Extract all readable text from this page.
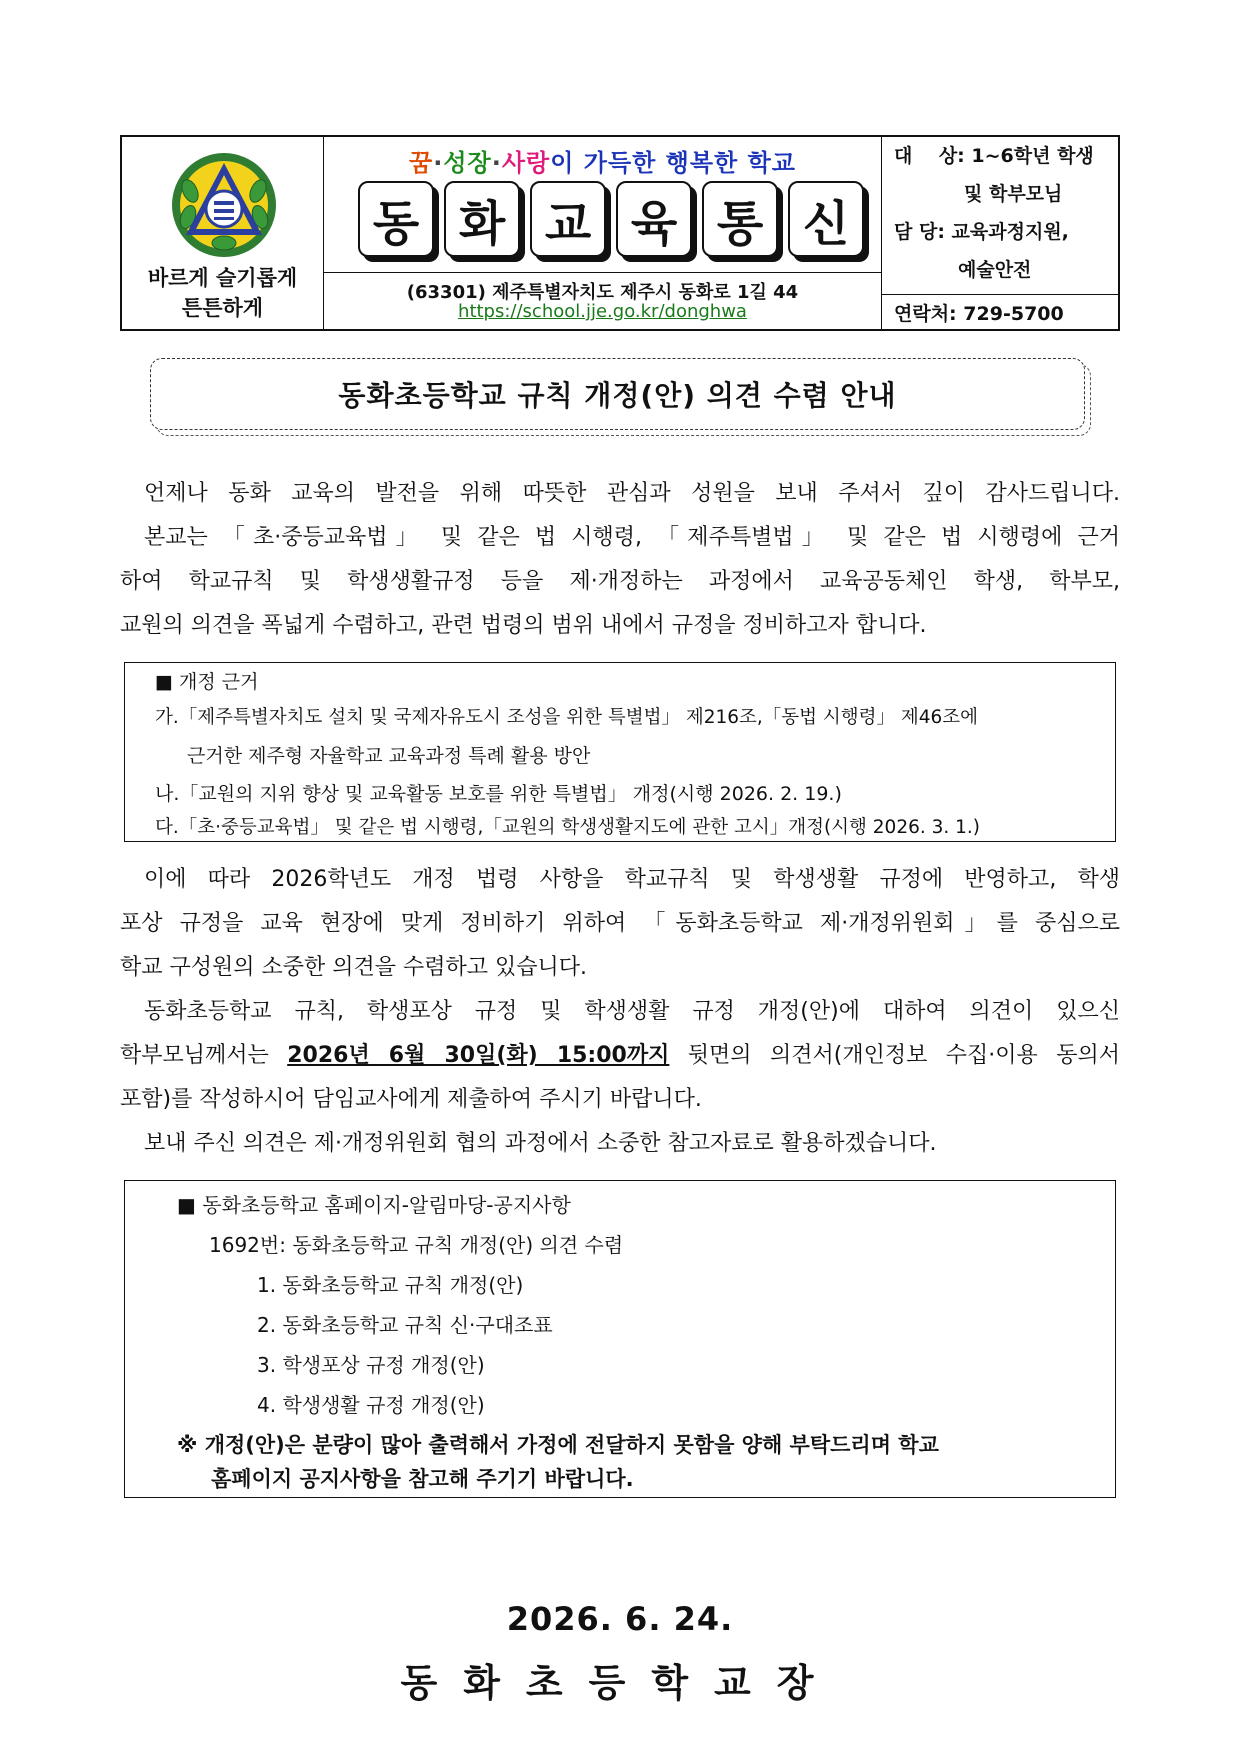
바르게 슬기롭게
튼튼하게
꿈·성장·사랑이 가득한 행복한 학교
동 화 교 육 통 신
(63301) 제주특별자치도 제주시 동화로 1길 44
https://school.jje.go.kr/donghwa
대    상: 1~6학년 학생
및 학부모님
담 당: 교육과정지원,
예술안전
연락처: 729-5700
동화초등학교 규칙 개정(안) 의견 수렴 안내
언제나 동화 교육의 발전을 위해 따뜻한 관심과 성원을 보내 주셔서 깊이 감사드립니다.
본교는 「초·중등교육법」 및 같은 법 시행령, 「제주특별법」 및 같은 법 시행령에 근거
하여 학교규칙 및 학생생활규정 등을 제·개정하는 과정에서 교육공동체인 학생, 학부모,
교원의 의견을 폭넓게 수렴하고, 관련 법령의 범위 내에서 규정을 정비하고자 합니다.
■ 개정 근거
가.「제주특별자치도 설치 및 국제자유도시 조성을 위한 특별법」 제216조,「동법 시행령」 제46조에
근거한 제주형 자율학교 교육과정 특례 활용 방안
나.「교원의 지위 향상 및 교육활동 보호를 위한 특별법」 개정(시행 2026. 2. 19.)
다.「초·중등교육법」 및 같은 법 시행령,「교원의 학생생활지도에 관한 고시」개정(시행 2026. 3. 1.)
이에 따라 2026학년도 개정 법령 사항을 학교규칙 및 학생생활 규정에 반영하고, 학생
포상 규정을 교육 현장에 맞게 정비하기 위하여 「동화초등학교 제·개정위원회」를 중심으로
학교 구성원의 소중한 의견을 수렴하고 있습니다.
동화초등학교 규칙, 학생포상 규정 및 학생생활 규정 개정(안)에 대하여 의견이 있으신
학부모님께서는 2026년 6월 30일(화) 15:00까지 뒷면의 의견서(개인정보 수집·이용 동의서
포함)를 작성하시어 담임교사에게 제출하여 주시기 바랍니다.
보내 주신 의견은 제·개정위원회 협의 과정에서 소중한 참고자료로 활용하겠습니다.
■ 동화초등학교 홈페이지-알림마당-공지사항
1692번: 동화초등학교 규칙 개정(안) 의견 수렴
1. 동화초등학교 규칙 개정(안)
2. 동화초등학교 규칙 신·구대조표
3. 학생포상 규정 개정(안)
4. 학생생활 규정 개정(안)
※ 개정(안)은 분량이 많아 출력해서 가정에 전달하지 못함을 양해 부탁드리며 학교
홈페이지 공지사항을 참고해 주기기 바랍니다.
2026. 6. 24.
동화초등학교장
